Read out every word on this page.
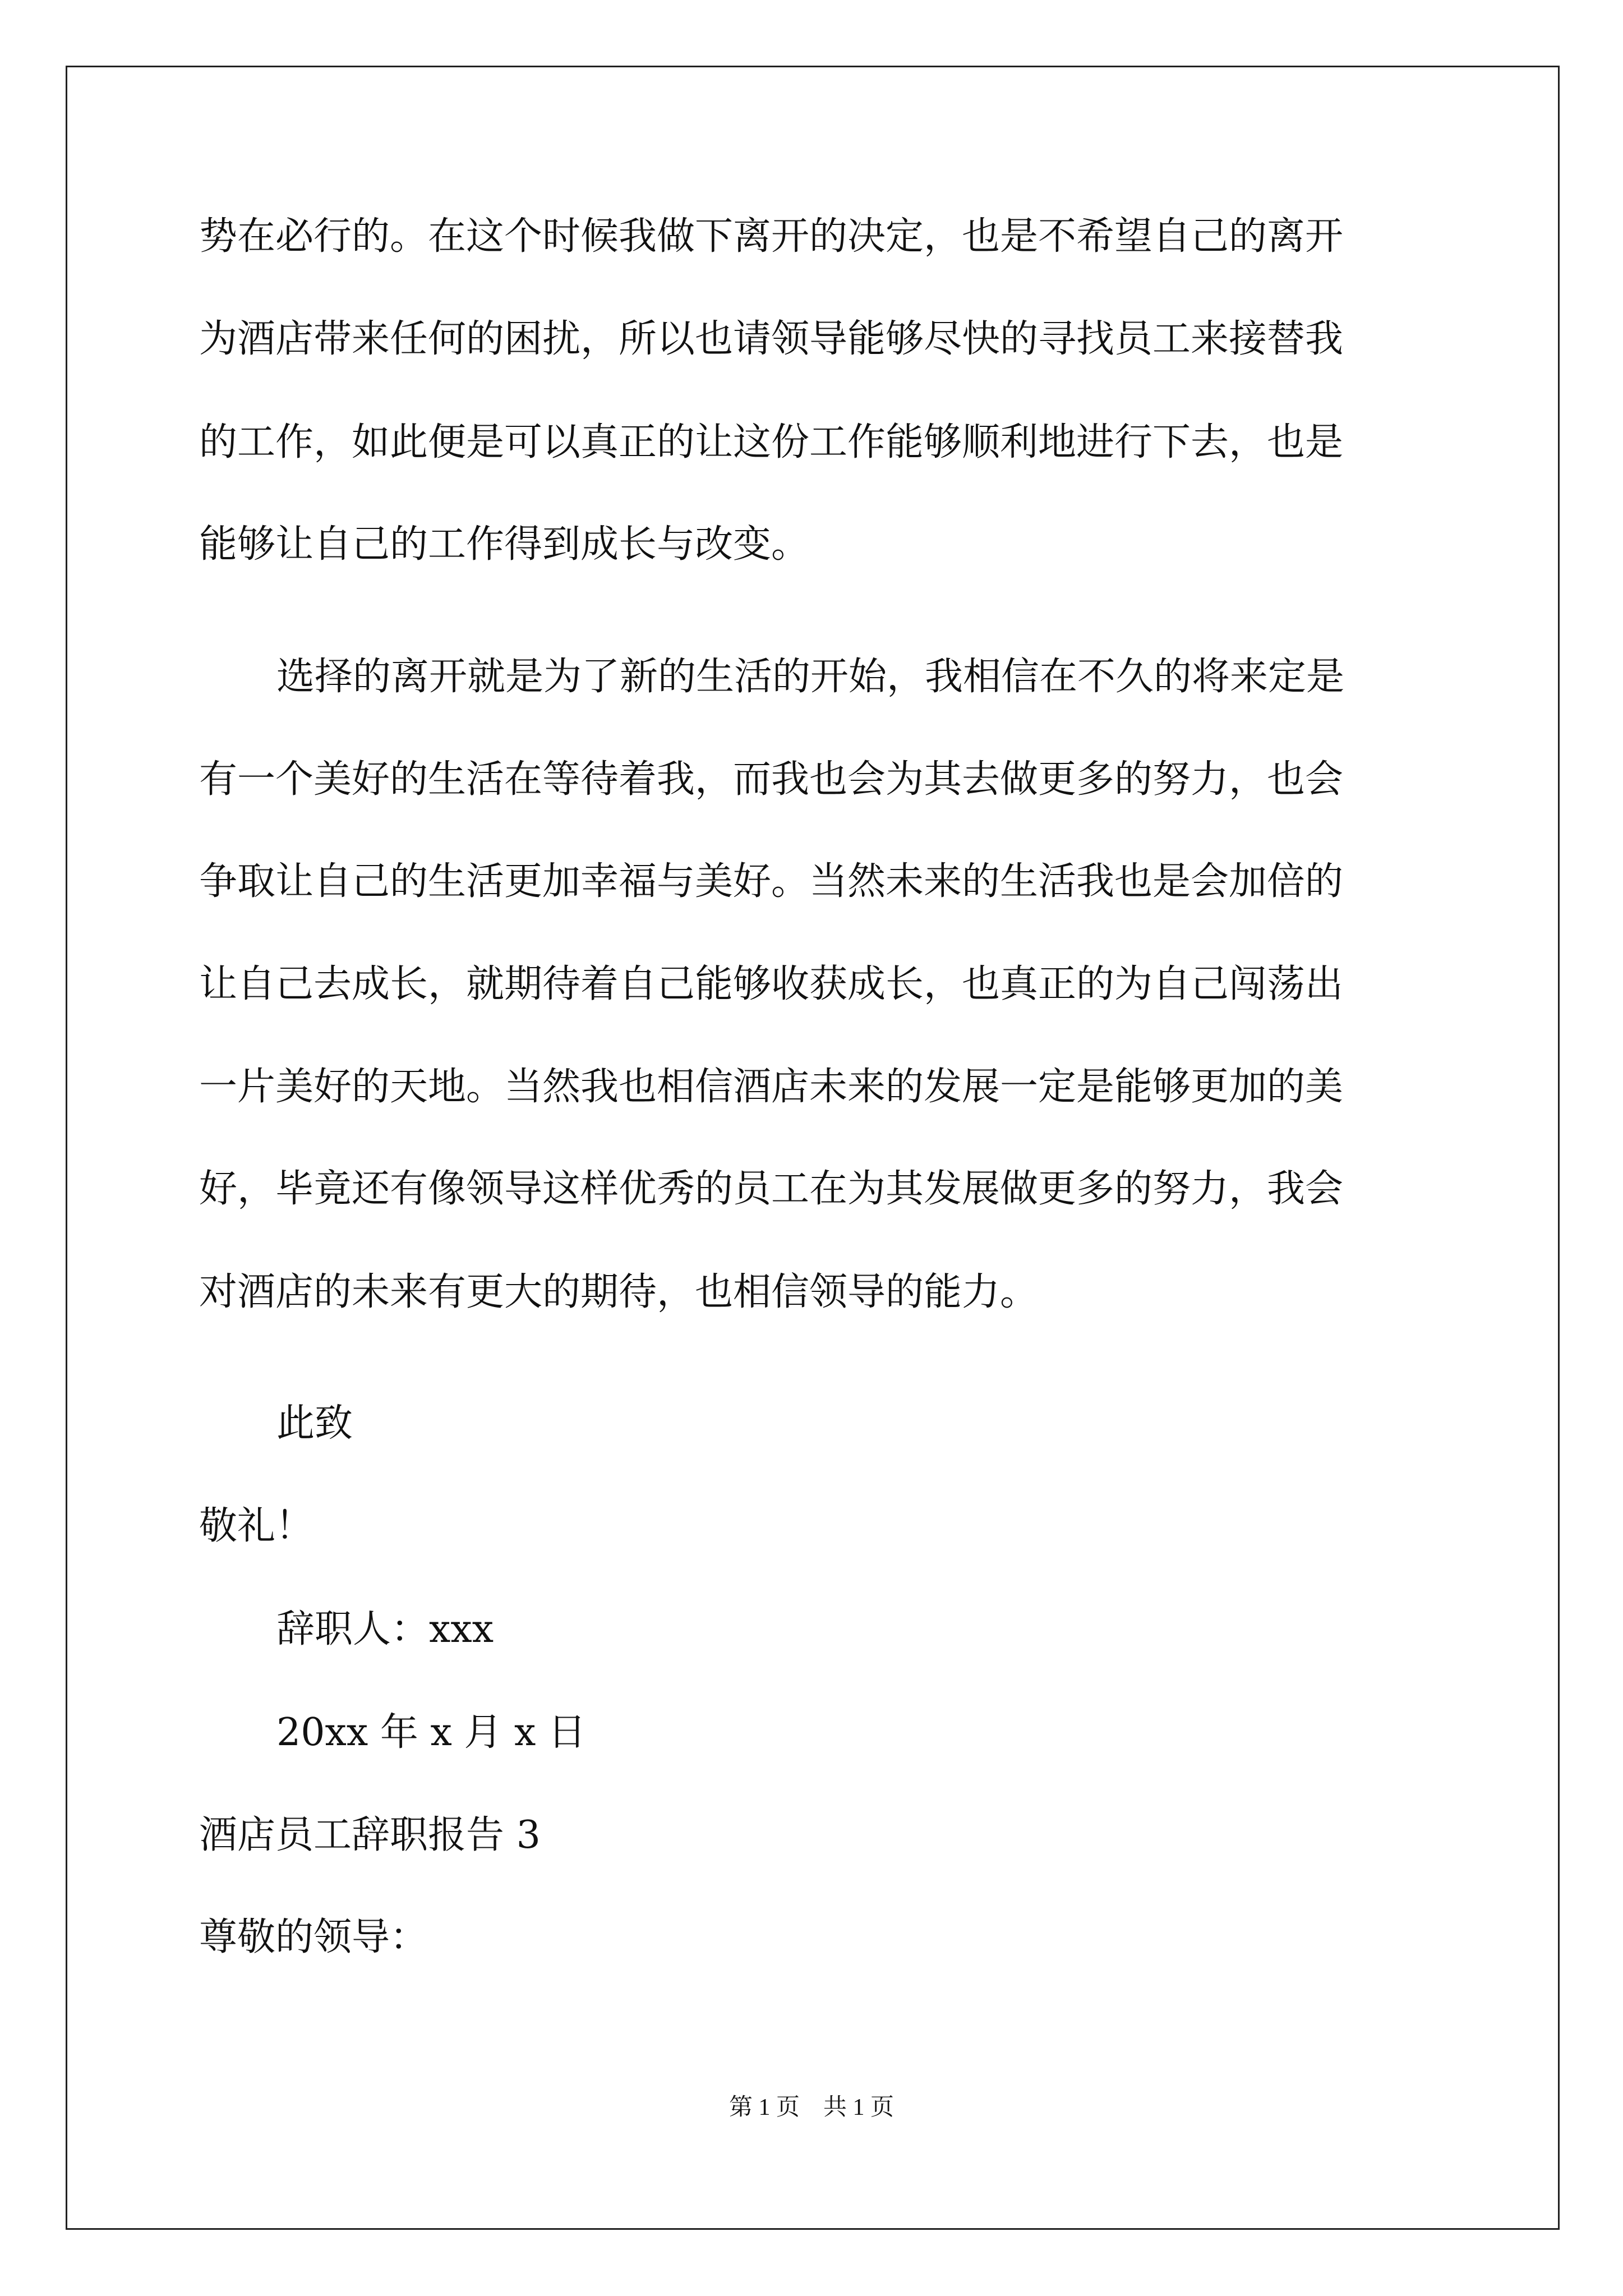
势在必行的。在这个时候我做下离开的决定，也是不希望自己的离开
为酒店带来任何的困扰，所以也请领导能够尽快的寻找员工来接替我
的工作，如此便是可以真正的让这份工作能够顺利地进行下去，也是
能够让自己的工作得到成长与改变。
选择的离开就是为了新的生活的开始，我相信在不久的将来定是
有一个美好的生活在等待着我，而我也会为其去做更多的努力，也会
争取让自己的生活更加幸福与美好。当然未来的生活我也是会加倍的
让自己去成长，就期待着自己能够收获成长，也真正的为自己闯荡出
一片美好的天地。当然我也相信酒店未来的发展一定是能够更加的美
好，毕竟还有像领导这样优秀的员工在为其发展做更多的努力，我会
对酒店的未来有更大的期待，也相信领导的能力。
此致
敬礼！
辞职人：xxx
20xx 年 x 月 x 日
酒店员工辞职报告 3
尊敬的领导：
第 1 页　共 1 页
